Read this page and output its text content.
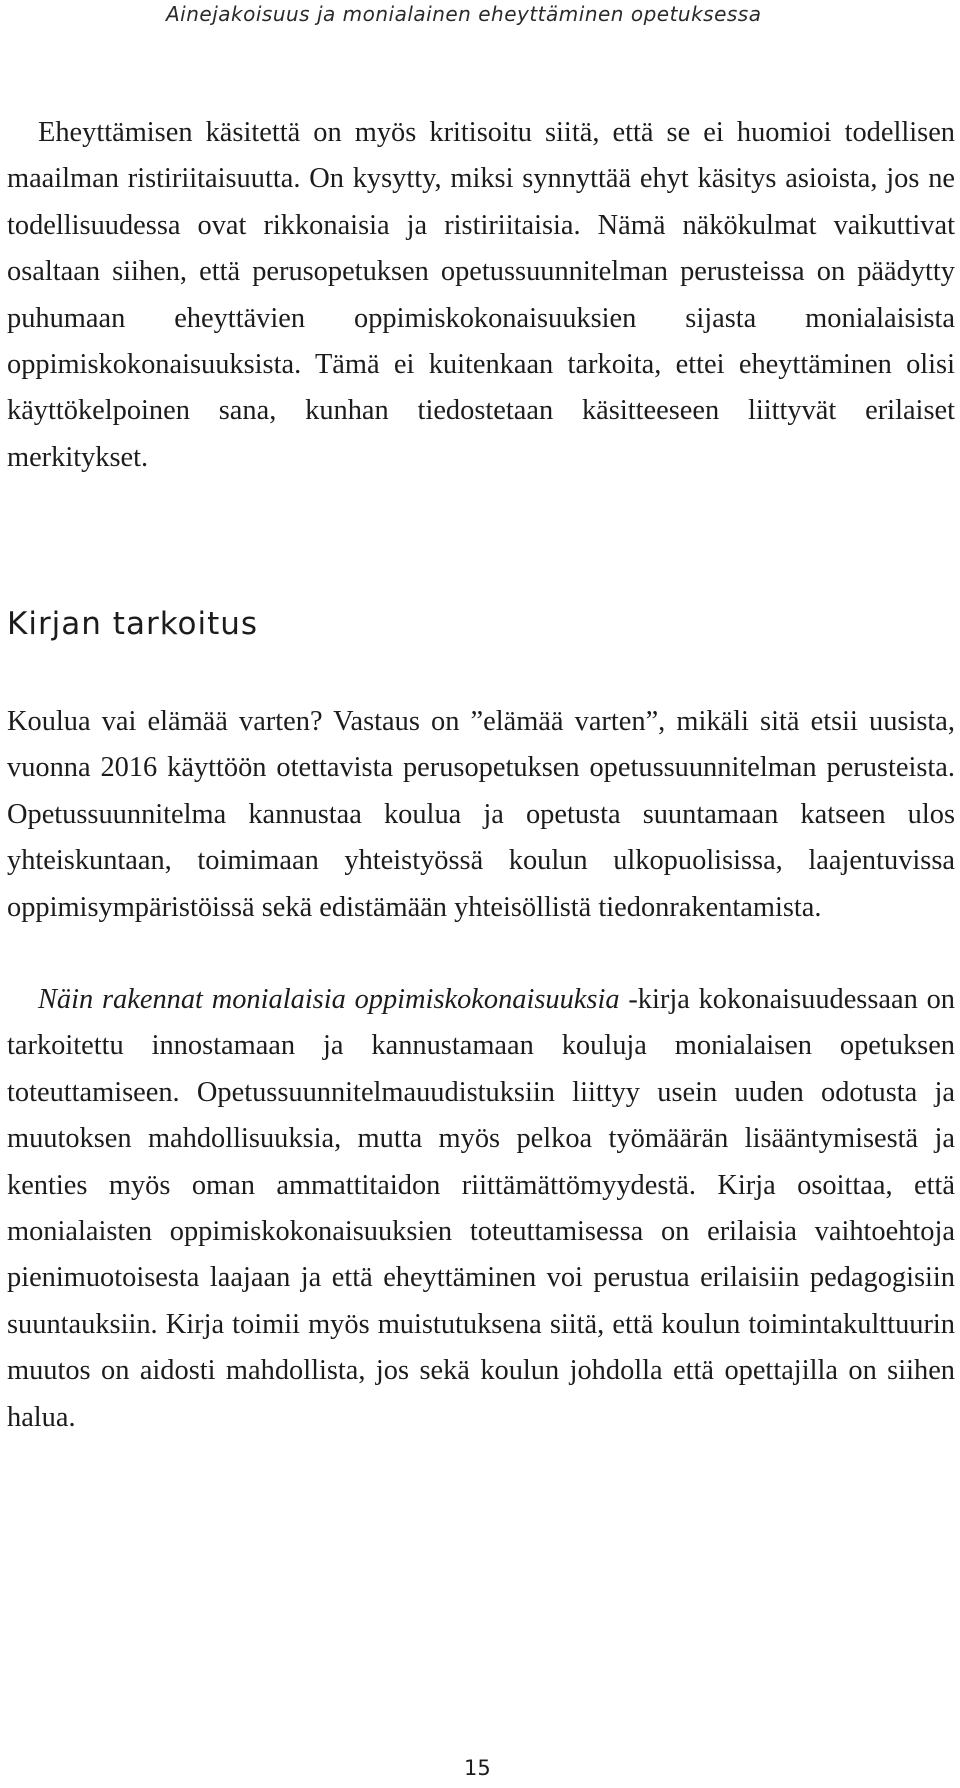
Ainejakoisuus ja monialainen eheyttäminen opetuksessa

Eheyttämisen käsitettä on myös kritisoitu siitä, että se ei huomioi todellisen maailman ristiriitaisuutta. On kysytty, miksi synnyttää ehyt käsitys asioista, jos ne todellisuudessa ovat rikkonaisia ja ristiriitaisia. Nämä näkökulmat vaikuttivat osaltaan siihen, että perusopetuksen opetussuunnitelman perusteissa on päädytty puhumaan eheyttävien oppimiskokonaisuuksien sijasta monialaisista oppimiskokonaisuuksista. Tämä ei kuitenkaan tarkoita, ettei eheyttäminen olisi käyttökelpoinen sana, kunhan tiedostetaan käsitteeseen liittyvät erilaiset merkitykset.

Kirjan tarkoitus

Koulua vai elämää varten? Vastaus on ”elämää varten”, mikäli sitä etsii uusista, vuonna 2016 käyttöön otettavista perusopetuksen opetussuunnitelman perusteista. Opetussuunnitelma kannustaa koulua ja opetusta suuntamaan katseen ulos yhteiskuntaan, toimimaan yhteistyössä koulun ulkopuolisissa, laajentuvissa oppimisympäristöissä sekä edistämään yhteisöllistä tiedonrakentamista.

Näin rakennat monialaisia oppimiskokonaisuuksia -kirja kokonaisuudessaan on tarkoitettu innostamaan ja kannustamaan kouluja monialaisen opetuksen toteuttamiseen. Opetussuunnitelmauudistuksiin liittyy usein uuden odotusta ja muutoksen mahdollisuuksia, mutta myös pelkoa työmäärän lisääntymisestä ja kenties myös oman ammattitaidon riittämättömyydestä. Kirja osoittaa, että monialaisten oppimiskokonaisuuksien toteuttamisessa on erilaisia vaihtoehtoja pienimuotoisesta laajaan ja että eheyttäminen voi perustua erilaisiin pedagogisiin suuntauksiin. Kirja toimii myös muistutuksena siitä, että koulun toimintakulttuurin muutos on aidosti mahdollista, jos sekä koulun johdolla että opettajilla on siihen halua.

15
